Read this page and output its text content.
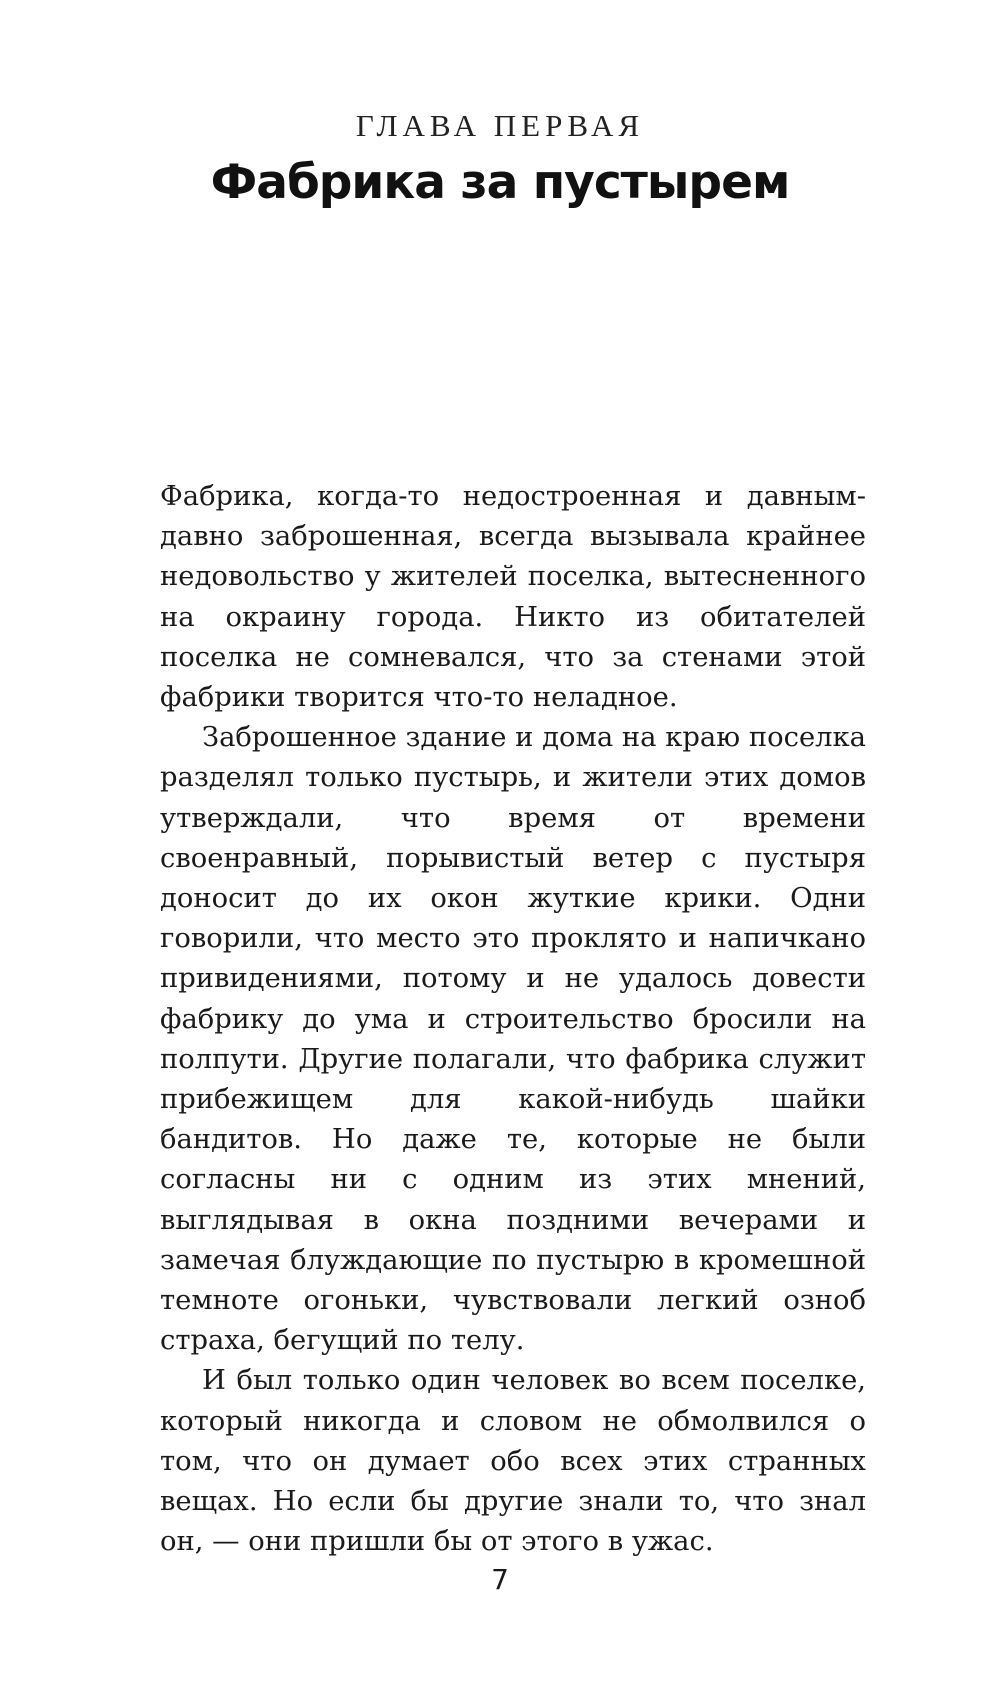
ГЛАВА ПЕРВАЯ
Фабрика за пустырем

Фабрика, когда-то недостроенная и давным-давно заброшенная, всегда вызывала крайнее недовольство у жителей поселка, вытесненного на окраину города. Никто из обитателей поселка не сомневался, что за стенами этой фабрики творится что-то неладное.

Заброшенное здание и дома на краю поселка разделял только пустырь, и жители этих домов утверждали, что время от времени своенравный, порывистый ветер с пустыря доносит до их окон жуткие крики. Одни говорили, что место это проклято и напичкано привидениями, потому и не удалось довести фабрику до ума и строительство бросили на полпути. Другие полагали, что фабрика служит прибежищем для какой-нибудь шайки бандитов. Но даже те, которые не были согласны ни с одним из этих мнений, выглядывая в окна поздними вечерами и замечая блуждающие по пустырю в кромешной темноте огоньки, чувствовали легкий озноб страха, бегущий по телу.

И был только один человек во всем поселке, который никогда и словом не обмолвился о том, что он думает обо всех этих странных вещах. Но если бы другие знали то, что знал он, — они пришли бы от этого в ужас.

7
